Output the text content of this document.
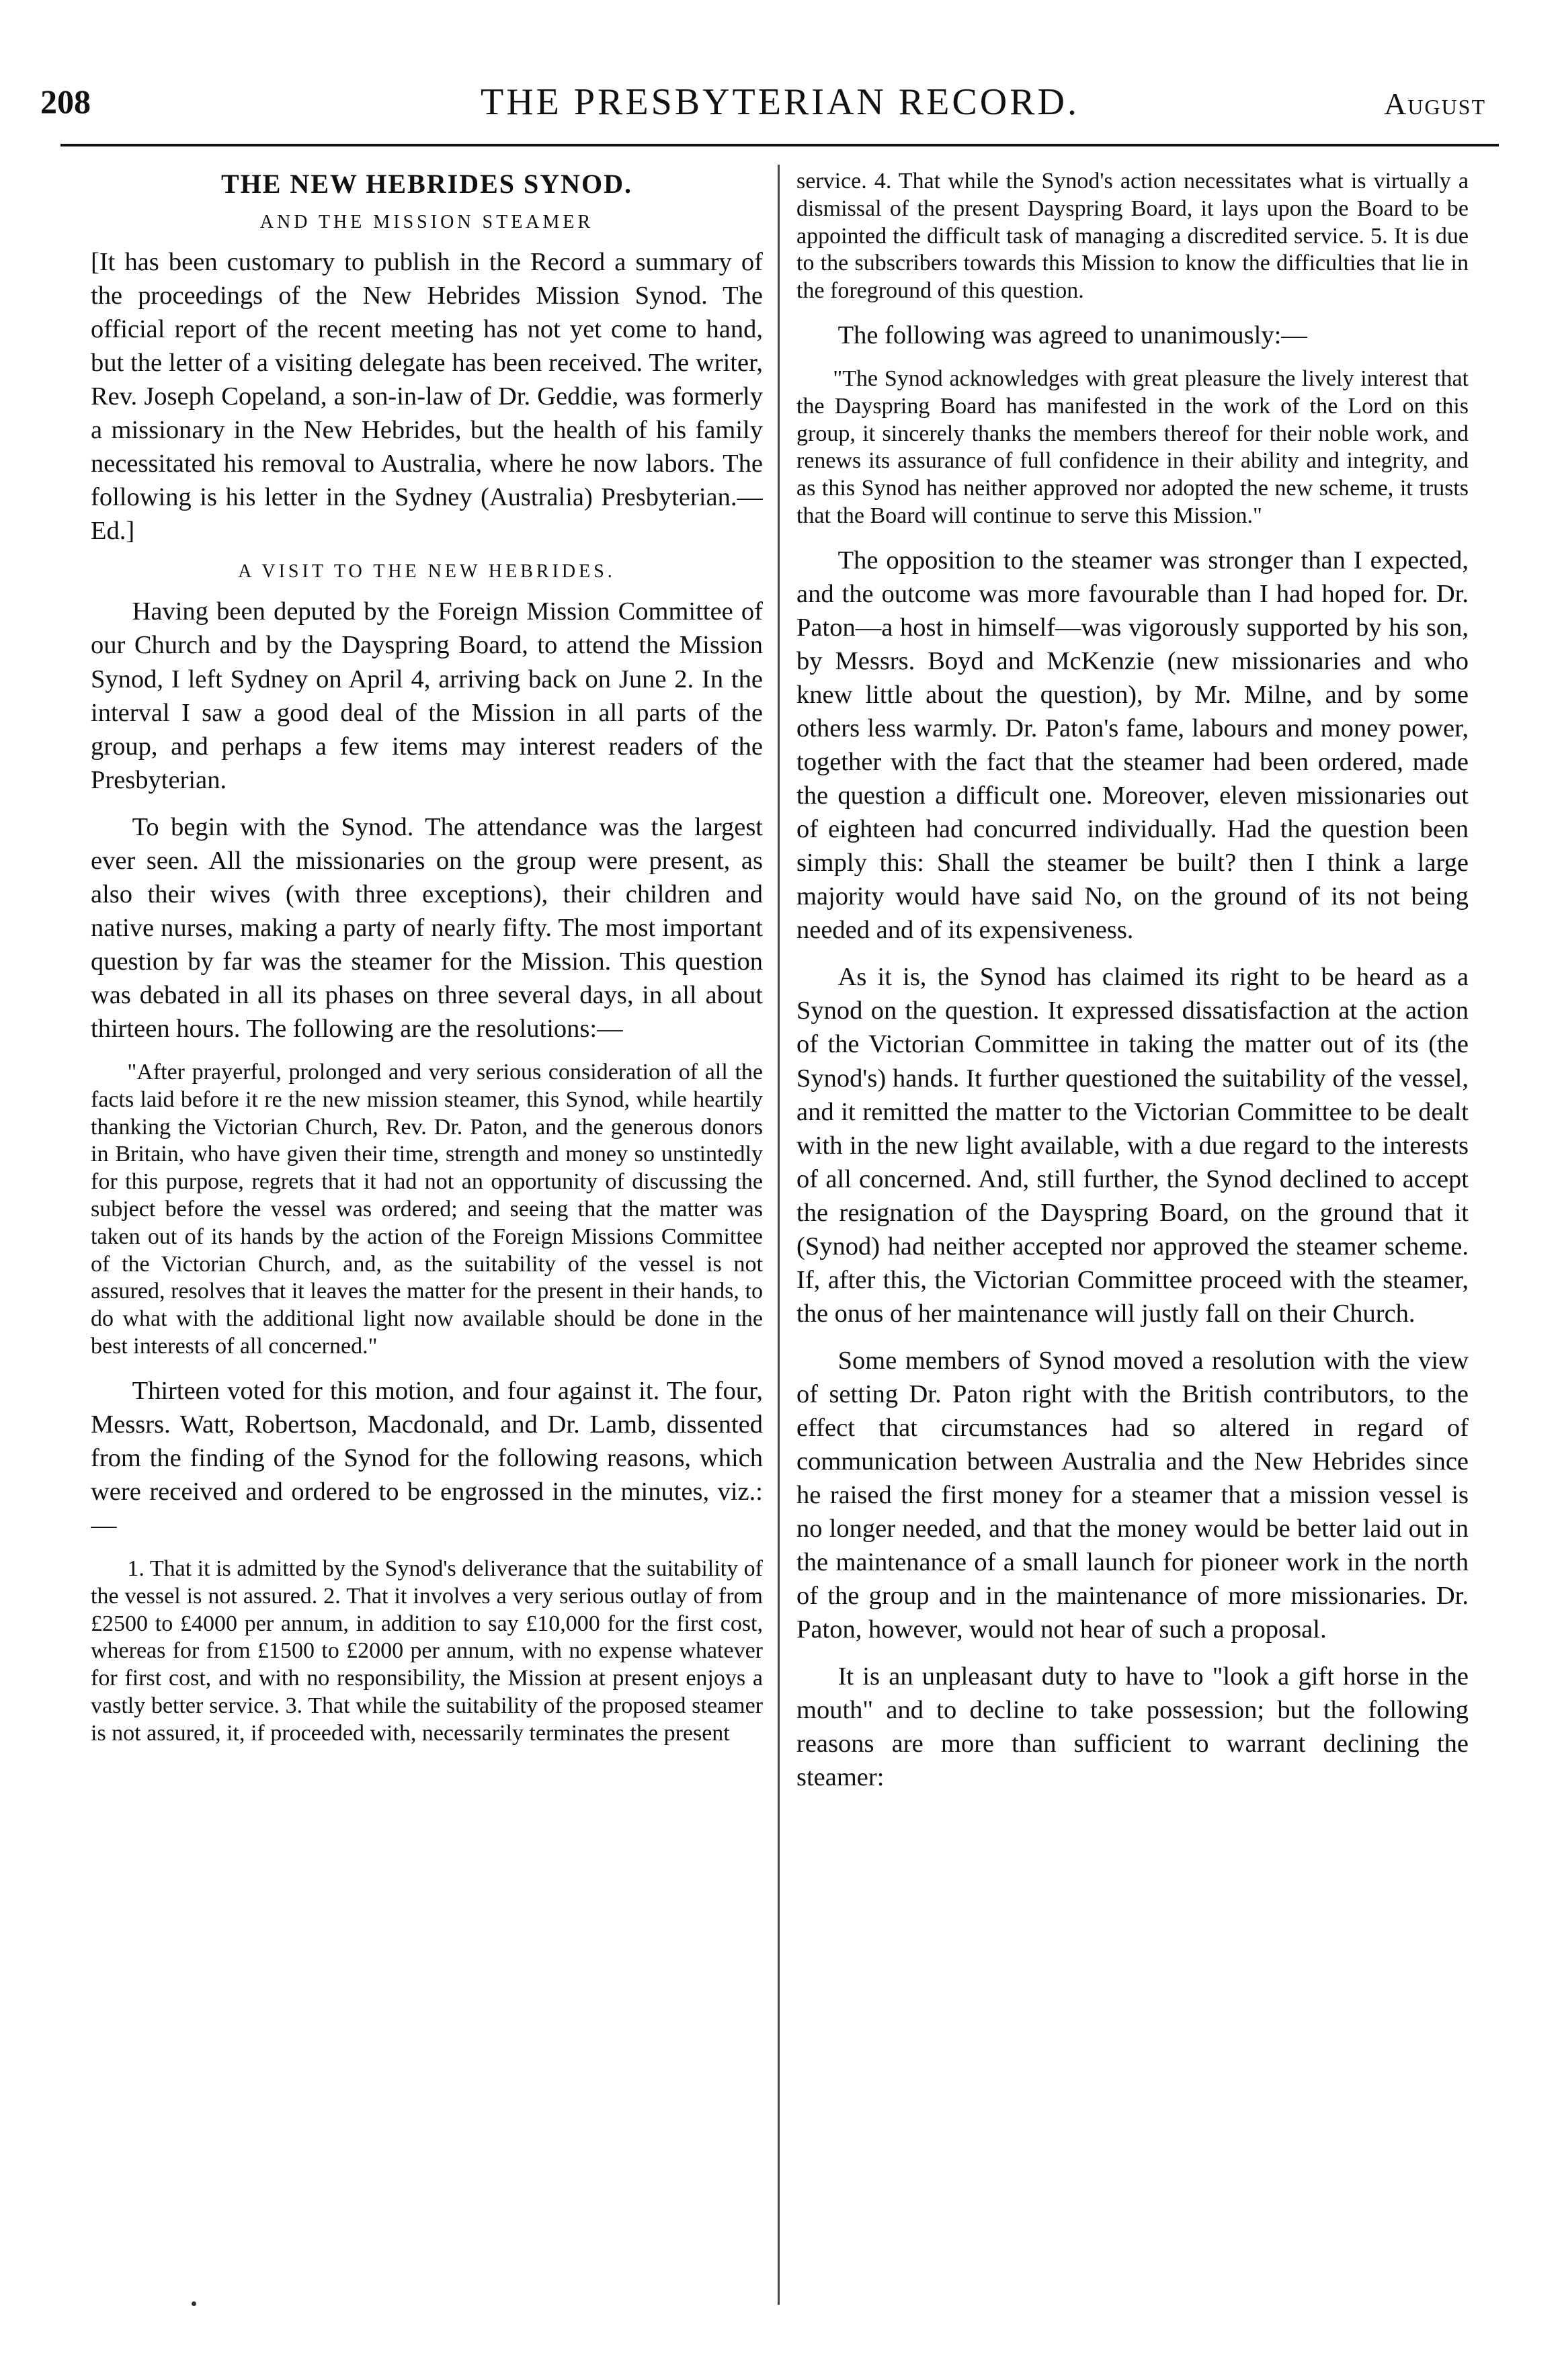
208	THE PRESBYTERIAN RECORD.	August
THE NEW HEBRIDES SYNOD.
AND THE MISSION STEAMER

[It has been customary to publish in the Record a summary of the proceedings of the New Hebrides Mission Synod. The official report of the recent meeting has not yet come to hand, but the letter of a visiting delegate has been received. The writer, Rev. Joseph Copeland, a son-in-law of Dr. Geddie, was formerly a missionary in the New Hebrides, but the health of his family necessitated his removal to Australia, where he now labors. The following is his letter in the Sydney (Australia) Presbyterian.—Ed.]

A VISIT TO THE NEW HEBRIDES.

Having been deputed by the Foreign Mission Committee of our Church and by the Dayspring Board, to attend the Mission Synod, I left Sydney on April 4, arriving back on June 2. In the interval I saw a good deal of the Mission in all parts of the group, and perhaps a few items may interest readers of the Presbyterian.

To begin with the Synod. The attendance was the largest ever seen. All the missionaries on the group were present, as also their wives (with three exceptions), their children and native nurses, making a party of nearly fifty. The most important question by far was the steamer for the Mission. This question was debated in all its phases on three several days, in all about thirteen hours. The following are the resolutions:—

"After prayerful, prolonged and very serious consideration of all the facts laid before it re the new mission steamer, this Synod, while heartily thanking the Victorian Church, Rev. Dr. Paton, and the generous donors in Britain, who have given their time, strength and money so unstintedly for this purpose, regrets that it had not an opportunity of discussing the subject before the vessel was ordered; and seeing that the matter was taken out of its hands by the action of the Foreign Missions Committee of the Victorian Church, and, as the suitability of the vessel is not assured, resolves that it leaves the matter for the present in their hands, to do what with the additional light now available should be done in the best interests of all concerned."

Thirteen voted for this motion, and four against it. The four, Messrs. Watt, Robertson, Macdonald, and Dr. Lamb, dissented from the finding of the Synod for the following reasons, which were received and ordered to be engrossed in the minutes, viz.:—

1. That it is admitted by the Synod's deliverance that the suitability of the vessel is not assured. 2. That it involves a very serious outlay of from £2500 to £4000 per annum, in addition to say £10,000 for the first cost, whereas for from £1500 to £2000 per annum, with no expense whatever for first cost, and with no responsibility, the Mission at present enjoys a vastly better service. 3. That while the suitability of the proposed steamer is not assured, it, if proceeded with, necessarily terminates the present

service. 4. That while the Synod's action necessitates what is virtually a dismissal of the present Dayspring Board, it lays upon the Board to be appointed the difficult task of managing a discredited service. 5. It is due to the subscribers towards this Mission to know the difficulties that lie in the foreground of this question.

The following was agreed to unanimously:—

"The Synod acknowledges with great pleasure the lively interest that the Dayspring Board has manifested in the work of the Lord on this group, it sincerely thanks the members thereof for their noble work, and renews its assurance of full confidence in their ability and integrity, and as this Synod has neither approved nor adopted the new scheme, it trusts that the Board will continue to serve this Mission."

The opposition to the steamer was stronger than I expected, and the outcome was more favourable than I had hoped for. Dr. Paton—a host in himself—was vigorously supported by his son, by Messrs. Boyd and McKenzie (new missionaries and who knew little about the question), by Mr. Milne, and by some others less warmly. Dr. Paton's fame, labours and money power, together with the fact that the steamer had been ordered, made the question a difficult one. Moreover, eleven missionaries out of eighteen had concurred individually. Had the question been simply this: Shall the steamer be built? then I think a large majority would have said No, on the ground of its not being needed and of its expensiveness.

As it is, the Synod has claimed its right to be heard as a Synod on the question. It expressed dissatisfaction at the action of the Victorian Committee in taking the matter out of its (the Synod's) hands. It further questioned the suitability of the vessel, and it remitted the matter to the Victorian Committee to be dealt with in the new light available, with a due regard to the interests of all concerned. And, still further, the Synod declined to accept the resignation of the Dayspring Board, on the ground that it (Synod) had neither accepted nor approved the steamer scheme. If, after this, the Victorian Committee proceed with the steamer, the onus of her maintenance will justly fall on their Church.

Some members of Synod moved a resolution with the view of setting Dr. Paton right with the British contributors, to the effect that circumstances had so altered in regard of communication between Australia and the New Hebrides since he raised the first money for a steamer that a mission vessel is no longer needed, and that the money would be better laid out in the maintenance of a small launch for pioneer work in the north of the group and in the maintenance of more missionaries. Dr. Paton, however, would not hear of such a proposal.

It is an unpleasant duty to have to "look a gift horse in the mouth" and to decline to take possession; but the following reasons are more than sufficient to warrant declining the steamer:
